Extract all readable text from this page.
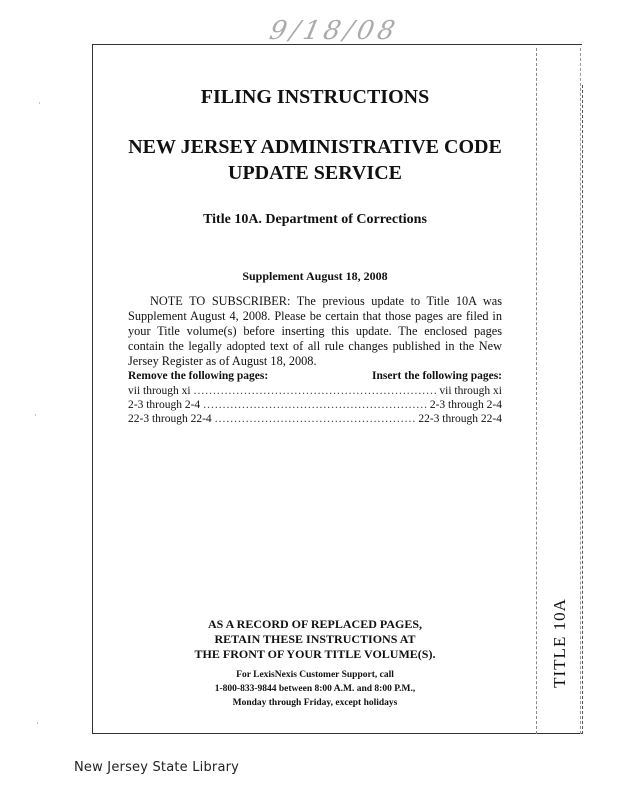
9/18/08
TITLE 10A
FILING INSTRUCTIONS
NEW JERSEY ADMINISTRATIVE CODE
UPDATE SERVICE
Title 10A. Department of Corrections
Supplement August 18, 2008
NOTE TO SUBSCRIBER: The previous update to Title 10A was Supplement August 4, 2008. Please be certain that those pages are filed in your Title volume(s) before inserting this update. The enclosed pages contain the legally adopted text of all rule changes published in the New Jersey Register as of August 18, 2008.
Remove the following pages:	Insert the following pages:
vii through xi .....	vii through xi
2-3 through 2-4 .....	2-3 through 2-4
22-3 through 22-4 .....	22-3 through 22-4
AS A RECORD OF REPLACED PAGES,
RETAIN THESE INSTRUCTIONS AT
THE FRONT OF YOUR TITLE VOLUME(S).
For LexisNexis Customer Support, call
1-800-833-9844 between 8:00 A.M. and 8:00 P.M.,
Monday through Friday, except holidays
·
·
·
New Jersey State Library
